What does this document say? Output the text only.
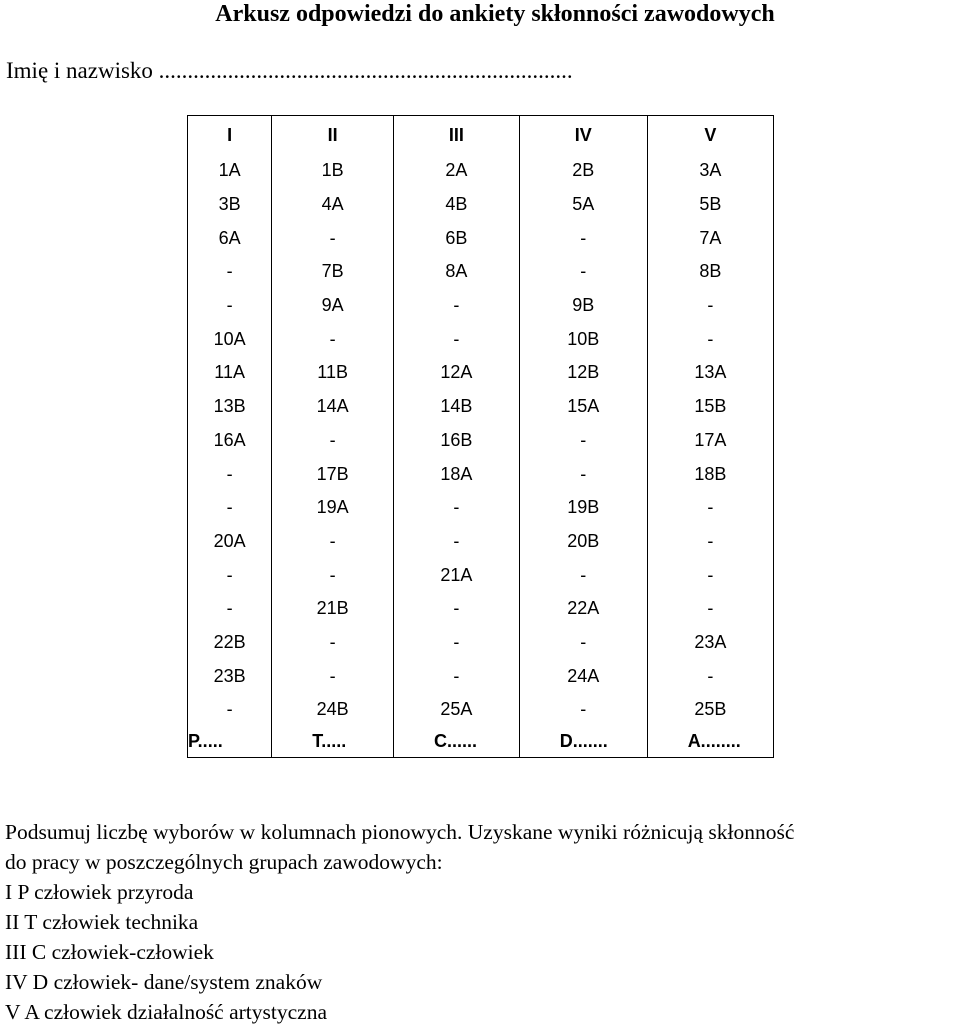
Arkusz odpowiedzi do ankiety skłonności zawodowych
Imię i nazwisko ........................................................................
I	II	III	IV	V
1A	1B	2A	2B	3A
3B	4A	4B	5A	5B
6A	-	6B	-	7A
-	7B	8A	-	8B
-	9A	-	9B	-
10A	-	-	10B	-
11A	11B	12A	12B	13A
13B	14A	14B	15A	15B
16A	-	16B	-	17A
-	17B	18A	-	18B
-	19A	-	19B	-
20A	-	-	20B	-
-	-	21A	-	-
-	21B	-	22A	-
22B	-	-	-	23A
23B	-	-	24A	-
-	24B	25A	-	25B
P.....	T.....	C......	D.......	A........
Podsumuj liczbę wyborów w kolumnach pionowych. Uzyskane wyniki różnicują skłonność
do pracy w poszczególnych grupach zawodowych:
I P człowiek przyroda
II T człowiek technika
III C człowiek-człowiek
IV D człowiek- dane/system znaków
V A człowiek działalność artystyczna
